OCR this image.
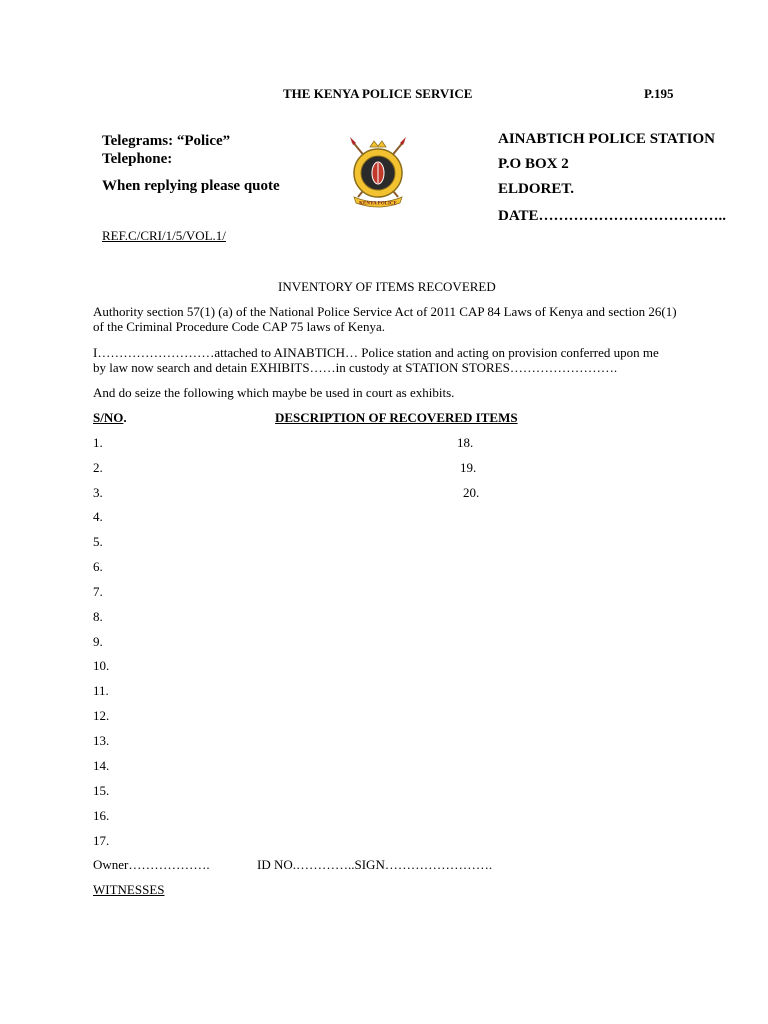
THE KENYA POLICE SERVICE	P.195
Telegrams: “Police”
Telephone:
When replying please quote
REF.C/CRI/1/5/VOL.1/
KENYA POLICE
AINABTICH POLICE STATION
P.O BOX 2
ELDORET.
DATE………………………………..
INVENTORY OF ITEMS RECOVERED
Authority section 57(1) (a) of the National Police Service Act of 2011 CAP 84 Laws of Kenya and section 26(1)
of the Criminal Procedure Code CAP 75 laws of Kenya.
I………………………attached to AINABTICH… Police station and acting on provision conferred upon me
by law now search and detain EXHIBITS……in custody at STATION STORES…………………….
And do seize the following which maybe be used in court as exhibits.
S/NO.	DESCRIPTION OF RECOVERED ITEMS
1.
2.
3.
4.
5.
6.
7.
8.
9.
10.
11.
12.
13.
14.
15.
16.
17.
18.
19.
20.
Owner……………….	ID NO.…………..SIGN…………………….
WITNESSES
